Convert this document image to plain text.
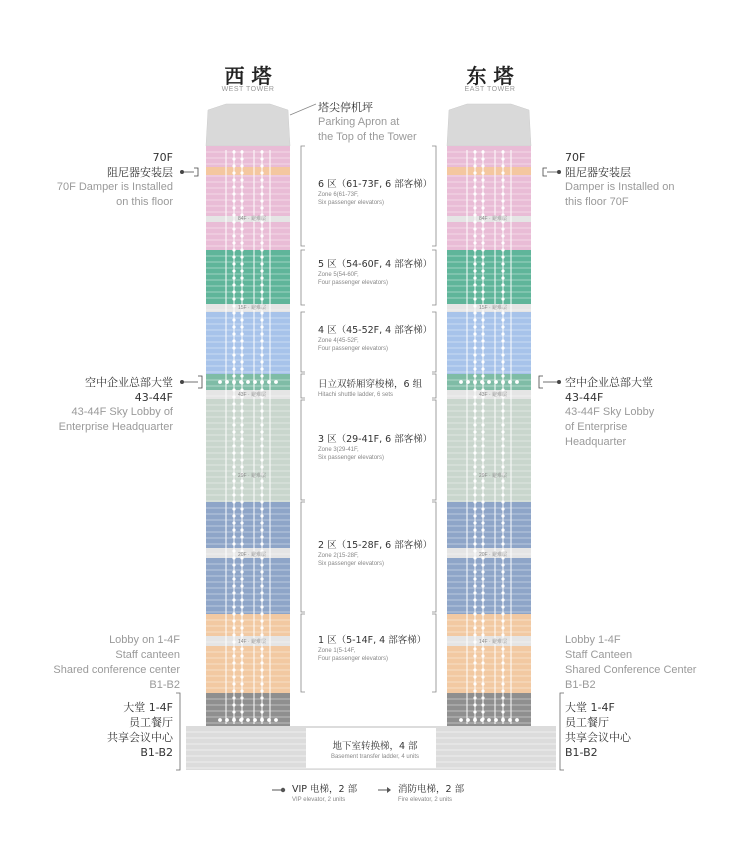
西 塔
WEST TOWER
东 塔
EAST TOWER
84F · 避难层	84F · 避难层
15F · 避难层	15F · 避难层
43F · 避难层	43F · 避难层
29F · 避难层	29F · 避难层
20F · 避难层	20F · 避难层
14F · 避难层	14F · 避难层
塔尖停机坪
Parking Apron at
the Top of the Tower
70F
阻尼器安装层
70F Damper is Installed
on this floor
空中企业总部大堂
43-44F
43-44F Sky Lobby of
Enterprise Headquarter
Lobby on 1-4F
Staff canteen
Shared conference center
B1-B2
大堂 1-4F
员工餐厅
共享会议中心
B1-B2
70F
阻尼器安装层
Damper is Installed on
this floor 70F
空中企业总部大堂
43-44F
43-44F Sky Lobby
of Enterprise
Headquarter
Lobby 1-4F
Staff Canteen
Shared Conference Center
B1-B2
大堂 1-4F
员工餐厅
共享会议中心
B1-B2
6 区（61-73F, 6 部客梯）
Zone 6(61-73F,
Six passenger elevators)
5 区（54-60F, 4 部客梯）
Zone 5(54-60F,
Four passenger elevators)
4 区（45-52F, 4 部客梯）
Zone 4(45-52F,
Four passenger elevators)
日立双轿厢穿梭梯，6 组
Hitachi shuttle ladder, 6 sets
3 区（29-41F, 6 部客梯）
Zone 3(29-41F,
Six passenger elevators)
2 区（15-28F, 6 部客梯）
Zone 2(15-28F,
Six passenger elevators)
1 区（5-14F, 4 部客梯）
Zone 1(5-14F,
Four passenger elevators)
地下室转换梯，4 部
Basement transfer ladder, 4 units
VIP 电梯，2 部
VIP elevator, 2 units
消防电梯，2 部
Fire elevator, 2 units
